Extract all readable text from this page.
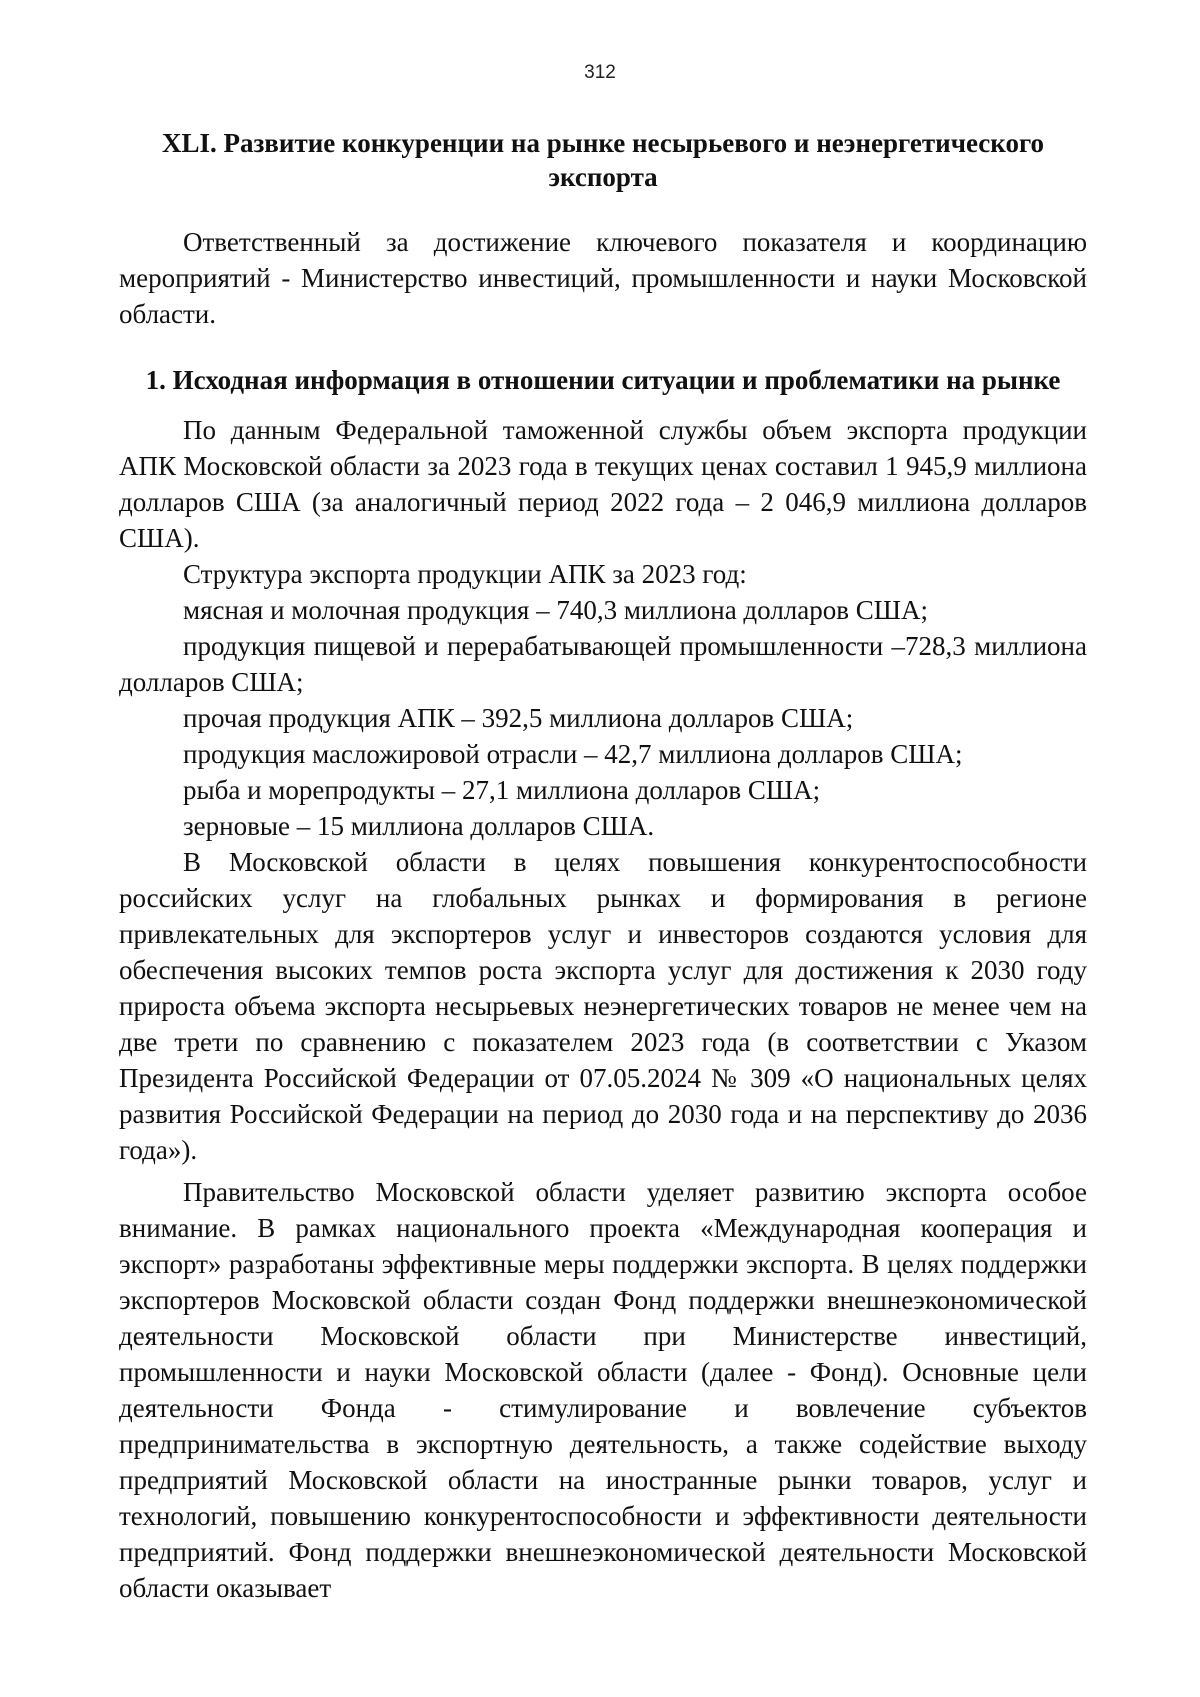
312
XLI. Развитие конкуренции на рынке несырьевого и неэнергетического
экспорта

Ответственный за достижение ключевого показателя и координацию мероприятий - Министерство инвестиций, промышленности и науки Московской области.

1. Исходная информация в отношении ситуации и проблематики на рынке

По данным Федеральной таможенной службы объем экспорта продукции АПК Московской области за 2023 года в текущих ценах составил 1 945,9 миллиона долларов США (за аналогичный период 2022 года – 2 046,9 миллиона долларов США).

Структура экспорта продукции АПК за 2023 год:

мясная и молочная продукция – 740,3 миллиона долларов США;

продукция пищевой и перерабатывающей промышленности –728,3 миллиона долларов США;

прочая продукция АПК – 392,5 миллиона долларов США;

продукция масложировой отрасли – 42,7 миллиона долларов США;

рыба и морепродукты – 27,1 миллиона долларов США;

зерновые – 15 миллиона долларов США.

В Московской области в целях повышения конкурентоспособности российских услуг на глобальных рынках и формирования в регионе привлекательных для экспортеров услуг и инвесторов создаются условия для обеспечения высоких темпов роста экспорта услуг для достижения к 2030 году прироста объема экспорта несырьевых неэнергетических товаров не менее чем на две трети по сравнению с показателем 2023 года (в соответствии с Указом Президента Российской Федерации от 07.05.2024 № 309 «О национальных целях развития Российской Федерации на период до 2030 года и на перспективу до 2036 года»).

Правительство Московской области уделяет развитию экспорта особое внимание. В рамках национального проекта «Международная кооперация и экспорт» разработаны эффективные меры поддержки экспорта. В целях поддержки экспортеров Московской области создан Фонд поддержки внешнеэкономической деятельности Московской области при Министерстве инвестиций, промышленности и науки Московской области (далее - Фонд). Основные цели деятельности Фонда - стимулирование и вовлечение субъектов предпринимательства в экспортную деятельность, а также содействие выходу предприятий Московской области на иностранные рынки товаров, услуг и технологий, повышению конкурентоспособности и эффективности деятельности предприятий. Фонд поддержки внешнеэкономической деятельности Московской области оказывает
